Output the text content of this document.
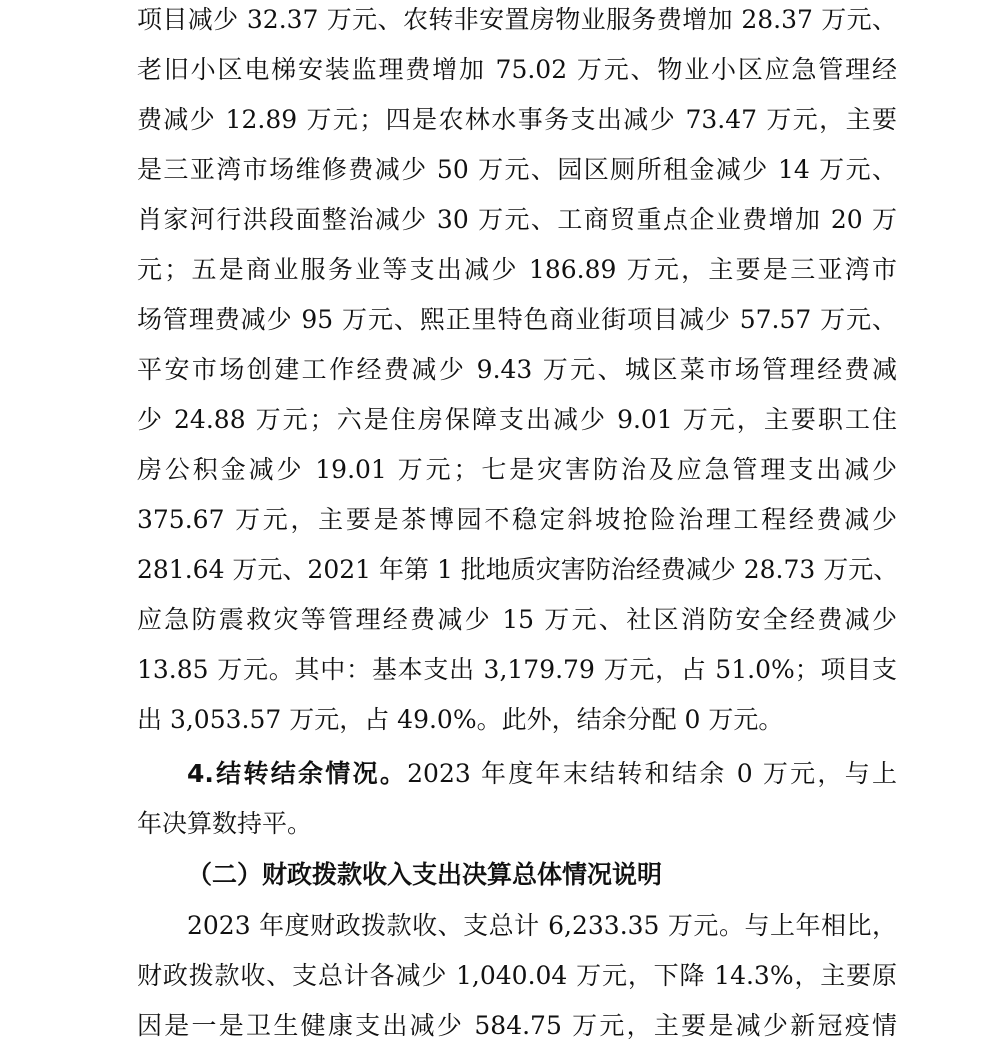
项目减少 32.37 万元、农转非安置房物业服务费增加 28.37 万元、
老旧小区电梯安装监理费增加 75.02 万元、物业小区应急管理经
费减少 12.89 万元；四是农林水事务支出减少 73.47 万元，主要
是三亚湾市场维修费减少 50 万元、园区厕所租金减少 14 万元、
肖家河行洪段面整治减少 30 万元、工商贸重点企业费增加 20 万
元；五是商业服务业等支出减少 186.89 万元，主要是三亚湾市
场管理费减少 95 万元、熙正里特色商业街项目减少 57.57 万元、
平安市场创建工作经费减少 9.43 万元、城区菜市场管理经费减
少 24.88 万元；六是住房保障支出减少 9.01 万元，主要职工住
房公积金减少 19.01 万元；七是灾害防治及应急管理支出减少
375.67 万元，主要是茶博园不稳定斜坡抢险治理工程经费减少
281.64 万元、2021 年第 1 批地质灾害防治经费减少 28.73 万元、
应急防震救灾等管理经费减少 15 万元、社区消防安全经费减少
13.85 万元。其中：基本支出 3,179.79 万元，占 51.0%；项目支
出 3,053.57 万元，占 49.0%。此外，结余分配 0 万元。
4.结转结余情况。2023 年度年末结转和结余 0 万元，与上
年决算数持平。
（二）财政拨款收入支出决算总体情况说明
2023 年度财政拨款收、支总计 6,233.35 万元。与上年相比，
财政拨款收、支总计各减少 1,040.04 万元，下降 14.3%，主要原
因是一是卫生健康支出减少 584.75 万元，主要是减少新冠疫情
